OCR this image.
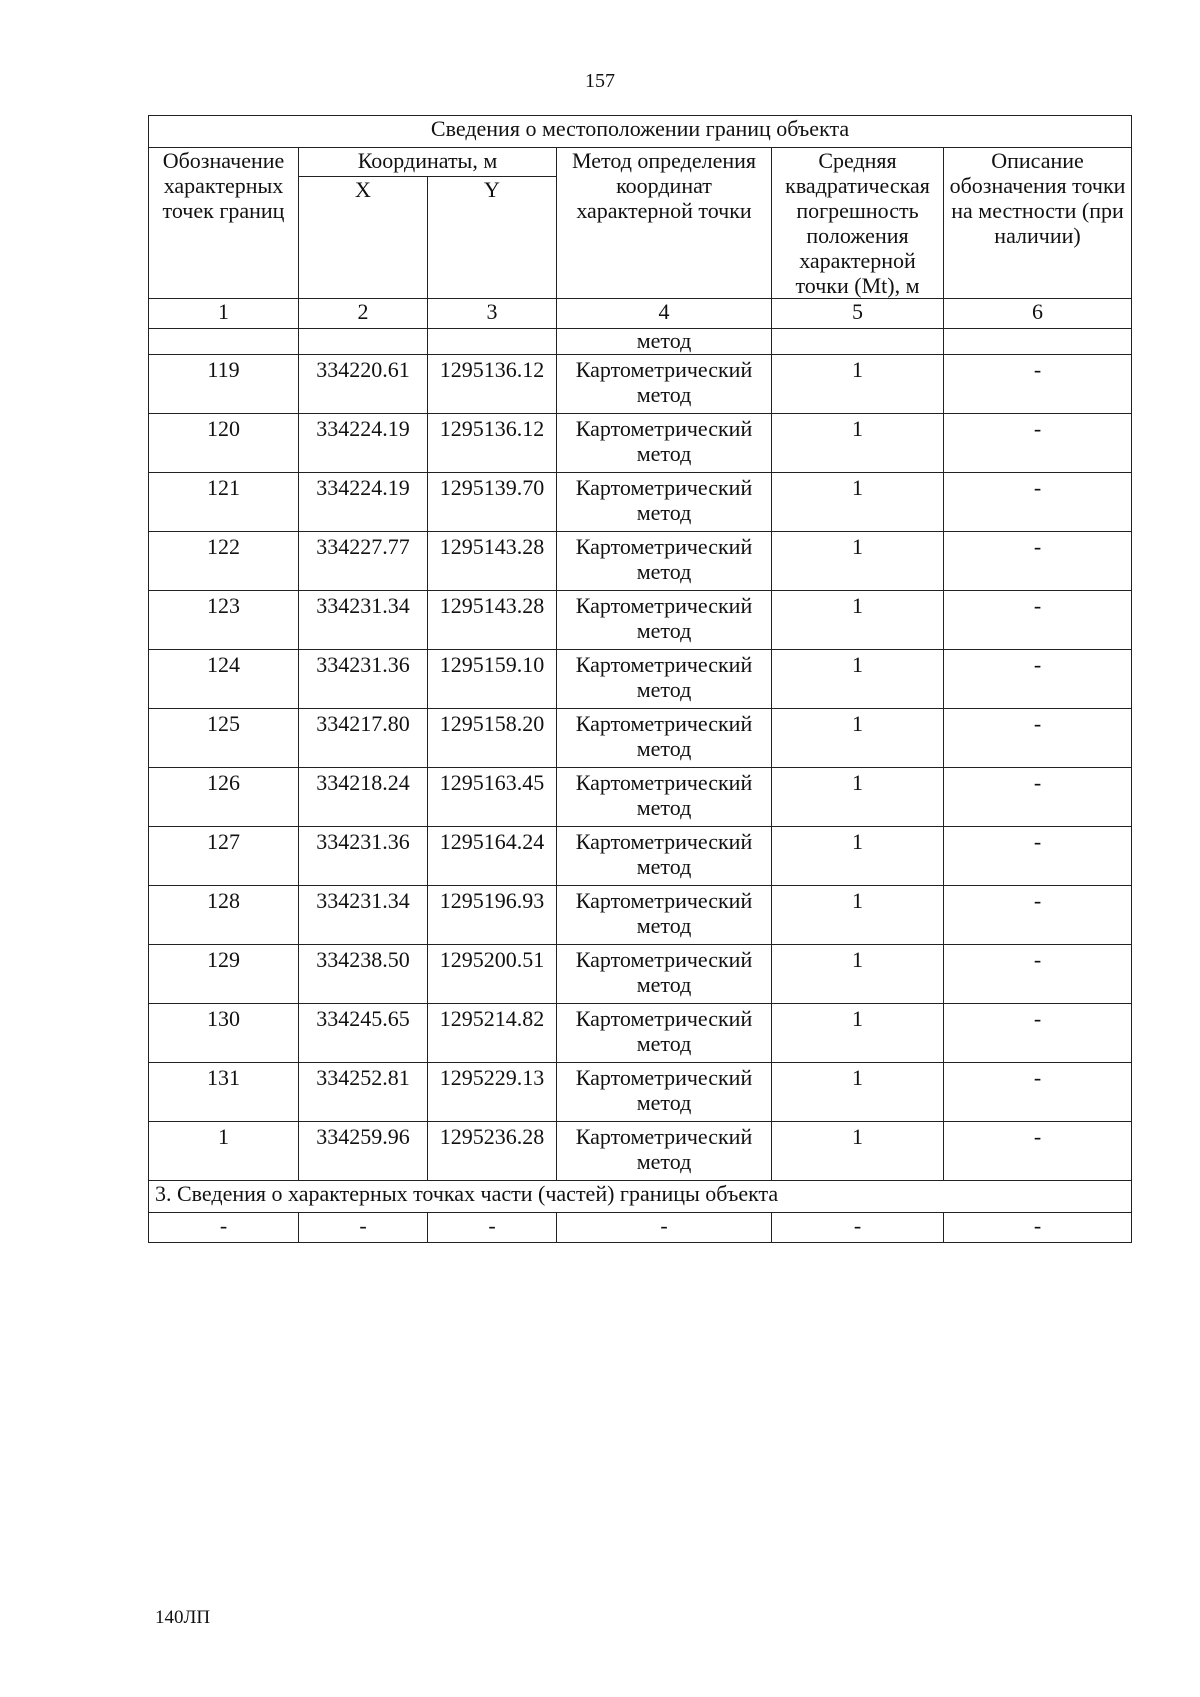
157
Сведения о местоположении границ объекта					
Обозначение характерных точек границ	Координаты, м		Метод определения координат характерной точки	Средняя квадратическая погрешность положения характерной точки (Mt), м	Описание обозначения точки на местности (при наличии)
	X	Y			
1	2	3	4	5	6
			метод		
119	334220.61	1295136.12	Картометрический метод	1	-
120	334224.19	1295136.12	Картометрический метод	1	-
121	334224.19	1295139.70	Картометрический метод	1	-
122	334227.77	1295143.28	Картометрический метод	1	-
123	334231.34	1295143.28	Картометрический метод	1	-
124	334231.36	1295159.10	Картометрический метод	1	-
125	334217.80	1295158.20	Картометрический метод	1	-
126	334218.24	1295163.45	Картометрический метод	1	-
127	334231.36	1295164.24	Картометрический метод	1	-
128	334231.34	1295196.93	Картометрический метод	1	-
129	334238.50	1295200.51	Картометрический метод	1	-
130	334245.65	1295214.82	Картометрический метод	1	-
131	334252.81	1295229.13	Картометрический метод	1	-
1	334259.96	1295236.28	Картометрический метод	1	-
3. Сведения о характерных точках части (частей) границы объекта					
-	-	-	-	-	-
140ЛП
